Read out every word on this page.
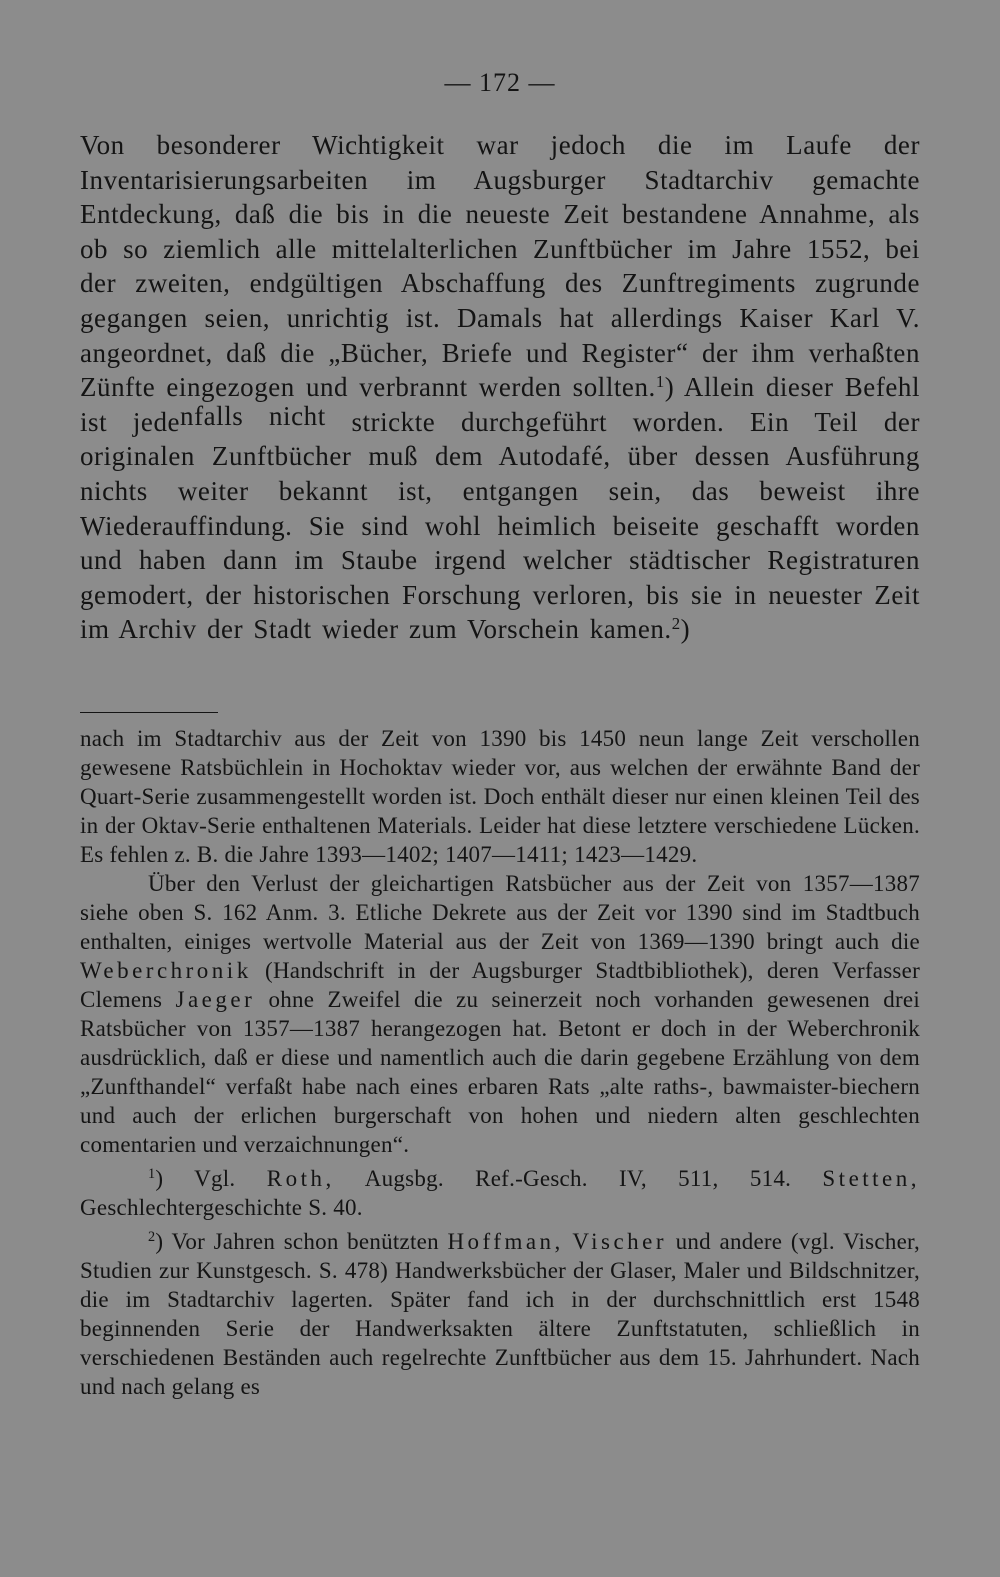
— 172 —

Von besonderer Wichtigkeit war jedoch die im Laufe der Inventarisierungsarbeiten im Augsburger Stadtarchiv gemachte Entdeckung, daß die bis in die neueste Zeit bestandene Annahme, als ob so ziemlich alle mittelalterlichen Zunftbücher im Jahre 1552, bei der zweiten, endgültigen Abschaffung des Zunftregiments zugrunde gegangen seien, unrichtig ist. Damals hat allerdings Kaiser Karl V. angeordnet, daß die „Bücher, Briefe und Register“ der ihm verhaßten Zünfte eingezogen und verbrannt werden sollten.$^1$) Allein dieser Befehl ist jedenfalls nicht strickte durchgeführt worden. Ein Teil der originalen Zunftbücher muß dem Autodafé, über dessen Ausführung nichts weiter bekannt ist, entgangen sein, das beweist ihre Wiederauffindung. Sie sind wohl heimlich beiseite geschafft worden und haben dann im Staube irgend welcher städtischer Registraturen gemodert, der historischen Forschung verloren, bis sie in neuester Zeit im Archiv der Stadt wieder zum Vorschein kamen.$^2$)

nach im Stadtarchiv aus der Zeit von 1390 bis 1450 neun lange Zeit verschollen gewesene Ratsbüchlein in Hochoktav wieder vor, aus welchen der erwähnte Band der Quart-Serie zusammengestellt worden ist. Doch enthält dieser nur einen kleinen Teil des in der Oktav-Serie enthaltenen Materials. Leider hat diese letztere verschiedene Lücken. Es fehlen z. B. die Jahre 1393—1402; 1407—1411; 1423—1429.

Über den Verlust der gleichartigen Ratsbücher aus der Zeit von 1357—1387 siehe oben S. 162 Anm. 3. Etliche Dekrete aus der Zeit vor 1390 sind im Stadtbuch enthalten, einiges wertvolle Material aus der Zeit von 1369—1390 bringt auch die Weberchronik (Handschrift in der Augsburger Stadtbibliothek), deren Verfasser Clemens Jaeger ohne Zweifel die zu seinerzeit noch vorhanden gewesenen drei Ratsbücher von 1357—1387 herangezogen hat. Betont er doch in der Weberchronik ausdrücklich, daß er diese und namentlich auch die darin gegebene Erzählung von dem „Zunfthandel“ verfaßt habe nach eines erbaren Rats „alte raths-, bawmaister-biechern und auch der erlichen burgerschaft von hohen und niedern alten geschlechten comentarien und verzaichnungen“.

$^1$) Vgl. Roth, Augsbg. Ref.-Gesch. IV, 511, 514. Stetten, Geschlechtergeschichte S. 40.

$^2$) Vor Jahren schon benützten Hoffman, Vischer und andere (vgl. Vischer, Studien zur Kunstgesch. S. 478) Handwerksbücher der Glaser, Maler und Bildschnitzer, die im Stadtarchiv lagerten. Später fand ich in der durchschnittlich erst 1548 beginnenden Serie der Handwerksakten ältere Zunftstatuten, schließlich in verschiedenen Beständen auch regelrechte Zunftbücher aus dem 15. Jahrhundert. Nach und nach gelang es
